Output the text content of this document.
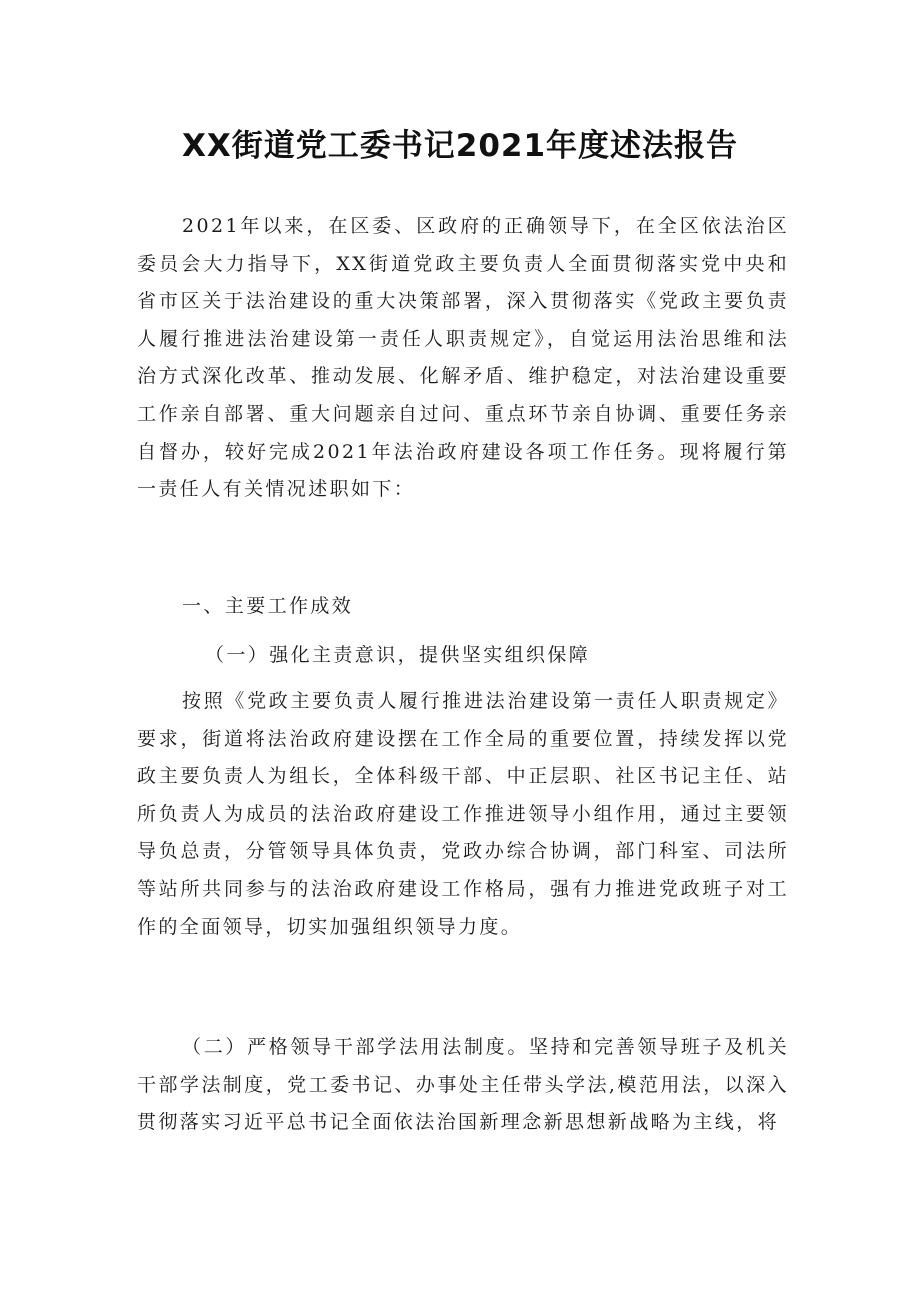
XX街道党工委书记2021年度述法报告

2021年以来，在区委、区政府的正确领导下，在全区依法治区委员会大力指导下，XX街道党政主要负责人全面贯彻落实党中央和省市区关于法治建设的重大决策部署，深入贯彻落实《党政主要负责人履行推进法治建设第一责任人职责规定》，自觉运用法治思维和法治方式深化改革、推动发展、化解矛盾、维护稳定，对法治建设重要工作亲自部署、重大问题亲自过问、重点环节亲自协调、重要任务亲自督办，较好完成2021年法治政府建设各项工作任务。现将履行第一责任人有关情况述职如下：

一、主要工作成效

（一）强化主责意识，提供坚实组织保障

按照《党政主要负责人履行推进法治建设第一责任人职责规定》要求，街道将法治政府建设摆在工作全局的重要位置，持续发挥以党政主要负责人为组长，全体科级干部、中正层职、社区书记主任、站所负责人为成员的法治政府建设工作推进领导小组作用，通过主要领导负总责，分管领导具体负责，党政办综合协调，部门科室、司法所等站所共同参与的法治政府建设工作格局，强有力推进党政班子对工作的全面领导，切实加强组织领导力度。

（二）严格领导干部学法用法制度。坚持和完善领导班子及机关干部学法制度，党工委书记、办事处主任带头学法,模范用法，以深入贯彻落实习近平总书记全面依法治国新理念新思想新战略为主线，将
